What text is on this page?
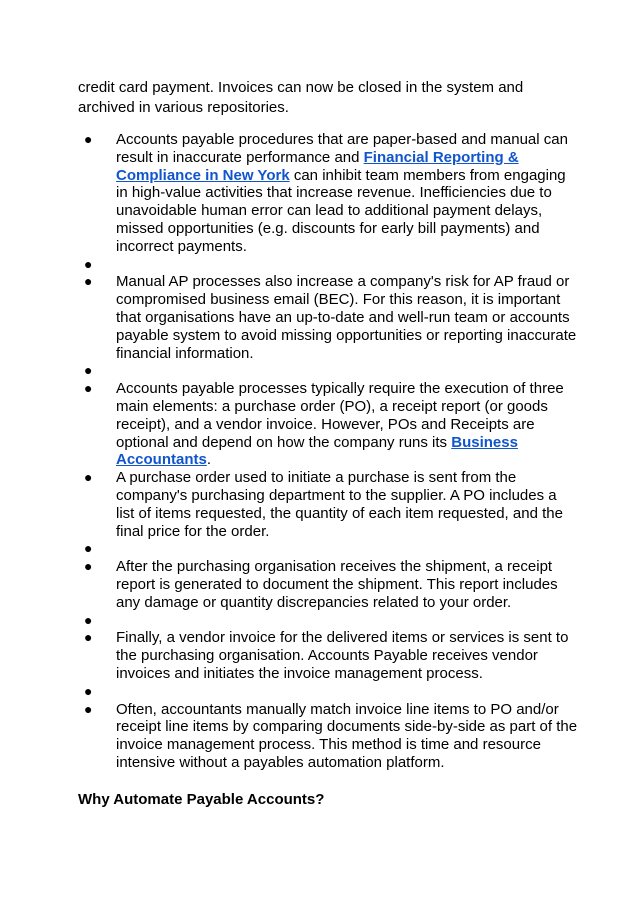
credit card payment. Invoices can now be closed in the system and archived in various repositories.

● Accounts payable procedures that are paper-based and manual can result in inaccurate performance and Financial Reporting & Compliance in New York can inhibit team members from engaging in high-value activities that increase revenue. Inefficiencies due to unavoidable human error can lead to additional payment delays, missed opportunities (e.g. discounts for early bill payments) and incorrect payments.
●
● Manual AP processes also increase a company's risk for AP fraud or compromised business email (BEC). For this reason, it is important that organisations have an up-to-date and well-run team or accounts payable system to avoid missing opportunities or reporting inaccurate financial information.
●
● Accounts payable processes typically require the execution of three main elements: a purchase order (PO), a receipt report (or goods receipt), and a vendor invoice. However, POs and Receipts are optional and depend on how the company runs its Business Accountants.
● A purchase order used to initiate a purchase is sent from the company's purchasing department to the supplier. A PO includes a list of items requested, the quantity of each item requested, and the final price for the order.
●
● After the purchasing organisation receives the shipment, a receipt report is generated to document the shipment. This report includes any damage or quantity discrepancies related to your order.
●
● Finally, a vendor invoice for the delivered items or services is sent to the purchasing organisation. Accounts Payable receives vendor invoices and initiates the invoice management process.
●
● Often, accountants manually match invoice line items to PO and/or receipt line items by comparing documents side-by-side as part of the invoice management process. This method is time and resource intensive without a payables automation platform.
Why Automate Payable Accounts?
